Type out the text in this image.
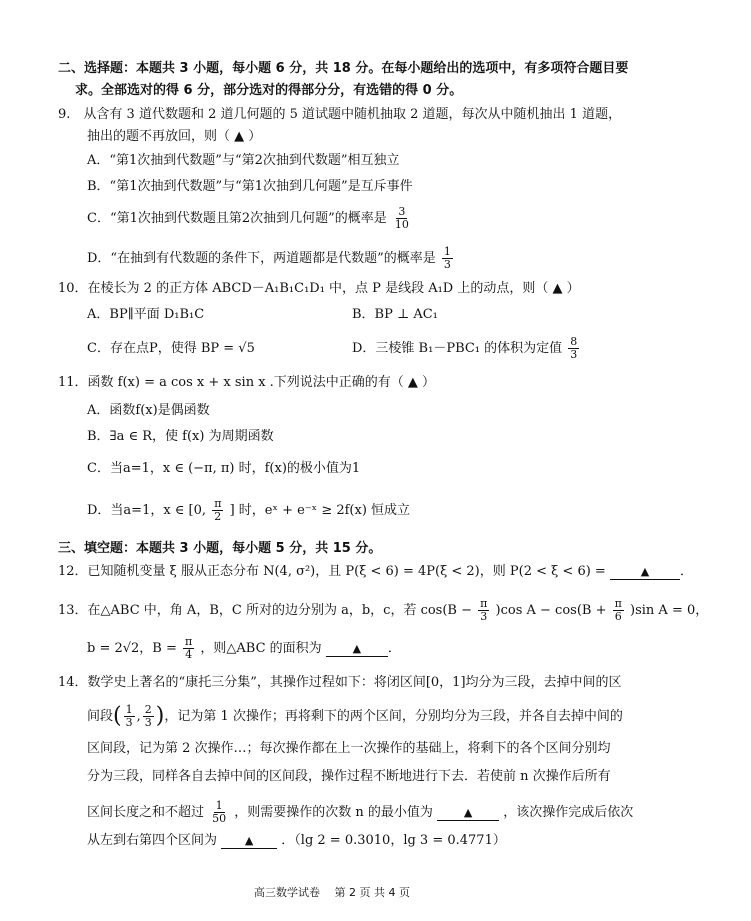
二、选择题：本题共 3 小题，每小题 6 分，共 18 分。在每小题给出的选项中，有多项符合题目要
求。全部选对的得 6 分，部分选对的得部分分，有选错的得 0 分。
9.　从含有 3 道代数题和 2 道几何题的 5 道试题中随机抽取 2 道题，每次从中随机抽出 1 道题，
抽出的题不再放回，则（ ▲ ）
A．“第1次抽到代数题”与“第2次抽到代数题”相互独立
B．“第1次抽到代数题”与“第1次抽到几何题”是互斥事件
C．“第1次抽到代数题且第2次抽到几何题”的概率是 $\frac{3}{10}$
D．“在抽到有代数题的条件下，两道题都是代数题”的概率是 $\frac{1}{3}$
10．在棱长为 2 的正方体 ABCD－A₁B₁C₁D₁ 中，点 P 是线段 A₁D 上的动点，则（ ▲ ）
A．BP∥平面 D₁B₁C	B．BP ⊥ AC₁
C．存在点P，使得 BP = √5	D．三棱锥 B₁－PBC₁ 的体积为定值 $\frac{8}{3}$
11．函数 f(x) = a cos x + x sin x .下列说法中正确的有（ ▲ ）
A．函数f(x)是偶函数
B．∃a ∈ R，使 f(x) 为周期函数
C．当a=1，x ∈ (−π, π) 时，f(x)的极小值为1
D．当a=1，x ∈ [0, $\frac{\pi}{2}$ ] 时，eˣ + e⁻ˣ ≥ 2f(x) 恒成立
三、填空题：本题共 3 小题，每小题 5 分，共 15 分。
12．已知随机变量 ξ 服从正态分布 N(4, σ²)，且 P(ξ < 6) = 4P(ξ < 2)，则 P(2 < ξ < 6) =	▲ ．
13．在△ABC 中，角 A，B，C 所对的边分别为 a，b，c，若 $\cos(B - \frac{\pi}{3} )\cos$ $A - \cos(B + \frac{\pi}{6} )\sin$ A = 0，
b = 2√2，$B = \frac{\pi}{4}$ ，则△ABC 的面积为	▲ ．
14．数学史上著名的“康托三分集”，其操作过程如下：将闭区间[0，1]均分为三段，去掉中间的区
间段( $\frac{1}{3}$ , $\frac{2}{3}$ )，记为第 1 次操作；再将剩下的两个区间，分别均分为三段，并各自去掉中间的
区间段，记为第 2 次操作…；每次操作都在上一次操作的基础上，将剩下的各个区间分别均
分为三段，同样各自去掉中间的区间段，操作过程不断地进行下去．若使前 n 次操作后所有
区间长度之和不超过 $\frac{1}{50}$ ，则需要操作的次数 n 的最小值为	▲ ，该次操作完成后依次
从左到右第四个区间为	▲ ．（lg 2 = 0.3010，lg 3 = 0.4771）
高三数学试卷　 第 2 页 共 4 页
